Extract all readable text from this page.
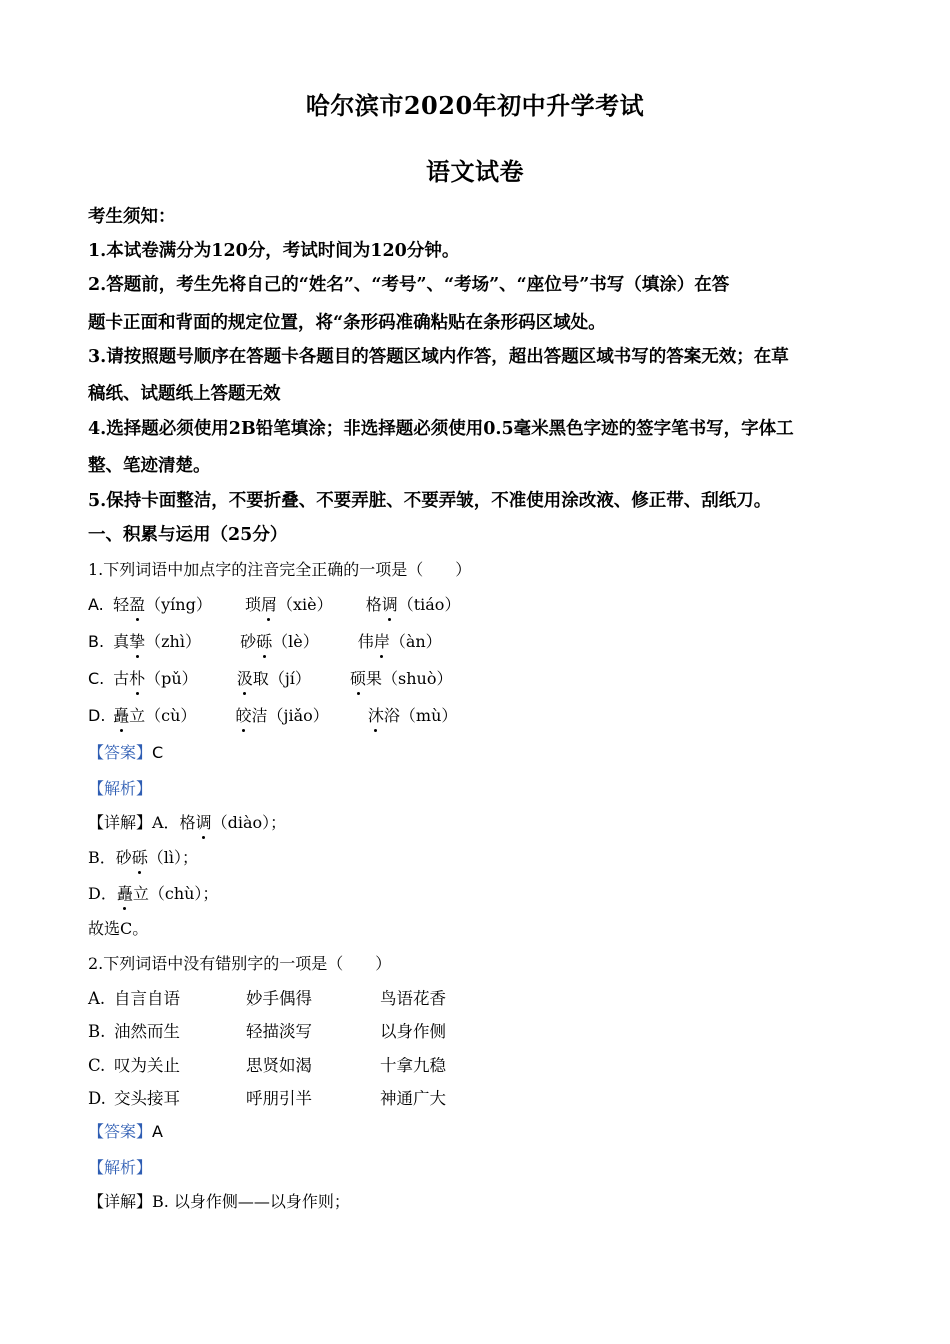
哈尔滨市2020年初中升学考试
语文试卷
考生须知：
1.本试卷满分为120分，考试时间为120分钟。
2.答题前，考生先将自己的“姓名”、“考号”、“考场”、“座位号”书写（填涂）在答
题卡正面和背面的规定位置，将“条形码准确粘贴在条形码区域处。
3.请按照题号顺序在答题卡各题目的答题区域内作答，超出答题区域书写的答案无效；在草
稿纸、试题纸上答题无效
4.选择题必须使用2B铅笔填涂；非选择题必须使用0.5毫米黑色字迹的签字笔书写，字体工
整、笔迹清楚。
5.保持卡面整洁，不要折叠、不要弄脏、不要弄皱，不准使用涂改液、修正带、刮纸刀。
一、积累与运用（25分）
1.下列词语中加点字的注音完全正确的一项是（　　）
A. 轻盈（yíng） 琐屑（xiè） 格调（tiáo）
B. 真挚（zhì） 砂砾（lè） 伟岸（àn）
C. 古朴（pǔ） 汲取（jí） 硕果（shuò）
D. 矗立（cù） 皎洁（jiǎo） 沐浴（mù）
【答案】C
【解析】
【详解】A．格调（diào）；
B．砂砾（lì）；
D．矗立（chù）；
故选C。
2.下列词语中没有错别字的一项是（　　）
A. 自言自语	妙手偶得	鸟语花香
B. 油然而生	轻描淡写	以身作侧
C. 叹为关止	思贤如渴	十拿九稳
D. 交头接耳	呼朋引半	神通广大
【答案】A
【解析】
【详解】B. 以身作侧——以身作则；
